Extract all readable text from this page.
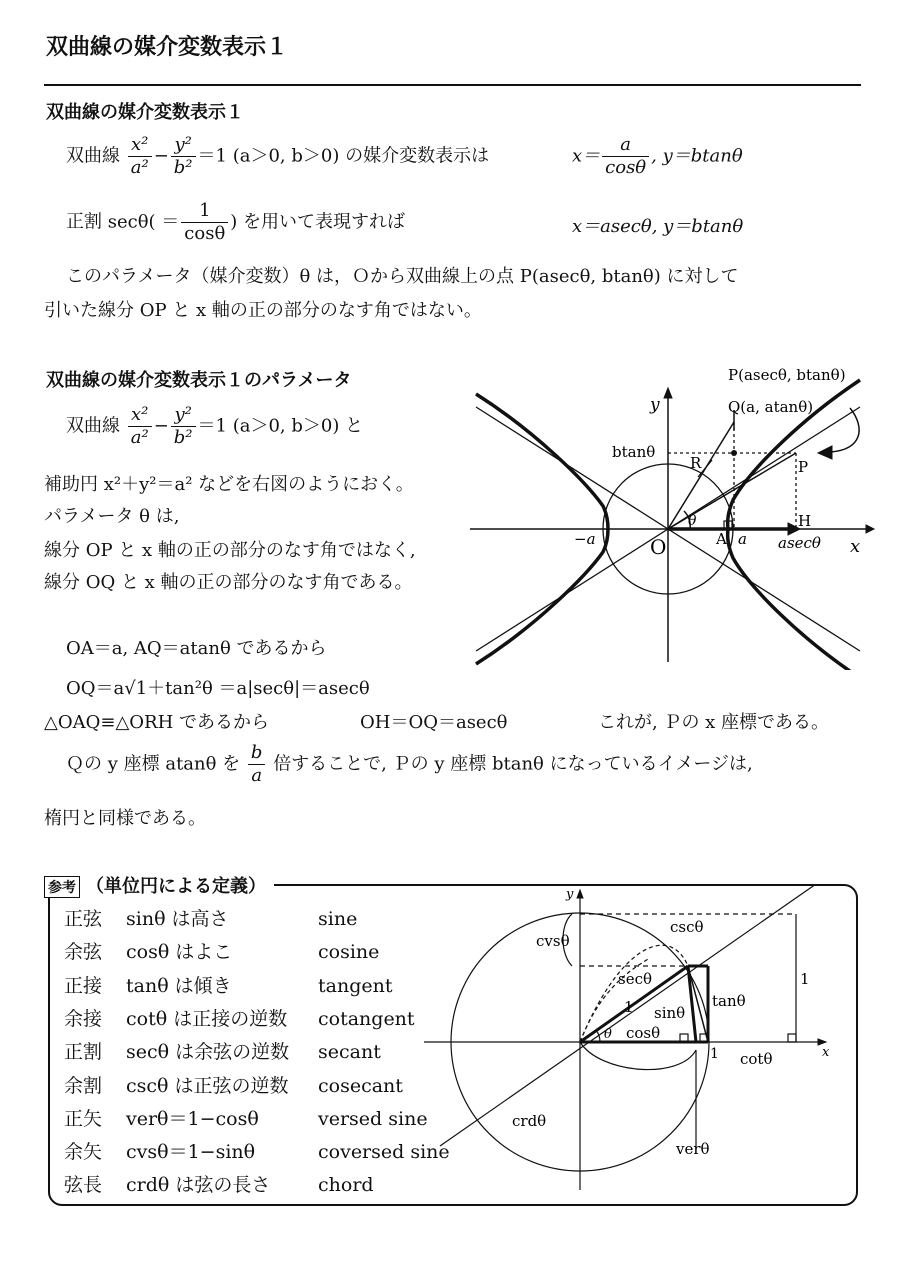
双曲線の媒介変数表示１
双曲線の媒介変数表示１
双曲線 $\frac{\text{x²}}{\text{a²}} - \frac{\text{y²}}{\text{b²}} =1$ (a＞0, b＞0) の媒介変数表示は	$x= \frac{a}{\cos\theta}$ , y＝btanθ
正割 $\sec\theta( = \frac{1}{\cos\theta}$ ) を用いて表現すれば	x＝asecθ, y＝btanθ
このパラメータ（媒介変数）θ は，Ｏから双曲線上の点 P(asecθ, btanθ) に対して
引いた線分 OP と x 軸の正の部分のなす角ではない。
双曲線の媒介変数表示１のパラメータ
双曲線 $\frac{\text{x²}}{\text{a²}} - \frac{\text{y²}}{\text{b²}} =1$ (a＞0, b＞0) と
補助円 x²＋y²＝a² などを右図のようにおく。
パラメータ θ は,
線分 OP と x 軸の正の部分のなす角ではなく,
線分 OQ と x 軸の正の部分のなす角である。
OA＝a, AQ＝atanθ であるから
OQ＝a√1＋tan²θ ＝a|secθ|＝asecθ
△OAQ≡△ORH であるから	OH＝OQ＝asecθ	これが, Ｐの x 座標である。
Ｑの y 座標 atanθ を $\frac{b}{a}$ 倍することで, Ｐの y 座標 btanθ になっているイメージは,
楕円と同様である。
P(asecθ, btanθ)
y	Q(a, atanθ)
btanθ
R	P
H
θ
−a	O	A a asecθ x
参考 （単位円による定義）
正弦 sinθ は高さ	sine
余弦 cosθ はよこ	cosine
正接 tanθ は傾き	tangent
余接 cotθ は正接の逆数 cotangent
正割 secθ は余弦の逆数 secant
余割 cscθ は正弦の逆数 cosecant
正矢 verθ＝1−cosθ	versed sine
余矢 cvsθ＝1−sinθ	coversed sine
弦長 crdθ は弦の長さ	chord
y
x
cscθ
cvsθ
secθ
tanθ
1
1 sinθ
cosθ
θ
1 cotθ
crdθ
verθ
